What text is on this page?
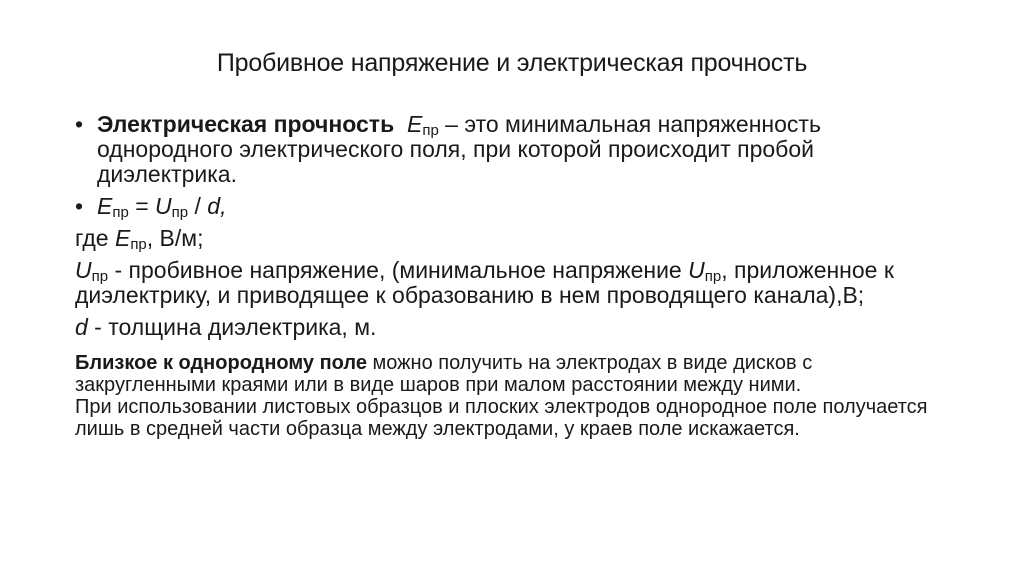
Пробивное напряжение и электрическая прочность
• Электрическая прочность $E_{пр}$ – это минимальная напряженность однородного электрического поля, при которой происходит пробой диэлектрика.
• $E_{пр} = U_{пр} / d$,
где $E_{пр}$, В/м;
$U_{пр}$ - пробивное напряжение, (минимальное напряжение $U_{пр}$, приложенное к диэлектрику, и приводящее к образованию в нем проводящего канала),В;
d - толщина диэлектрика, м.
Близкое к однородному поле можно получить на электродах в виде дисков с закругленными краями или в виде шаров при малом расстоянии между ними.
При использовании листовых образцов и плоских электродов однородное поле получается лишь в средней части образца между электродами, у краев поле искажается.
